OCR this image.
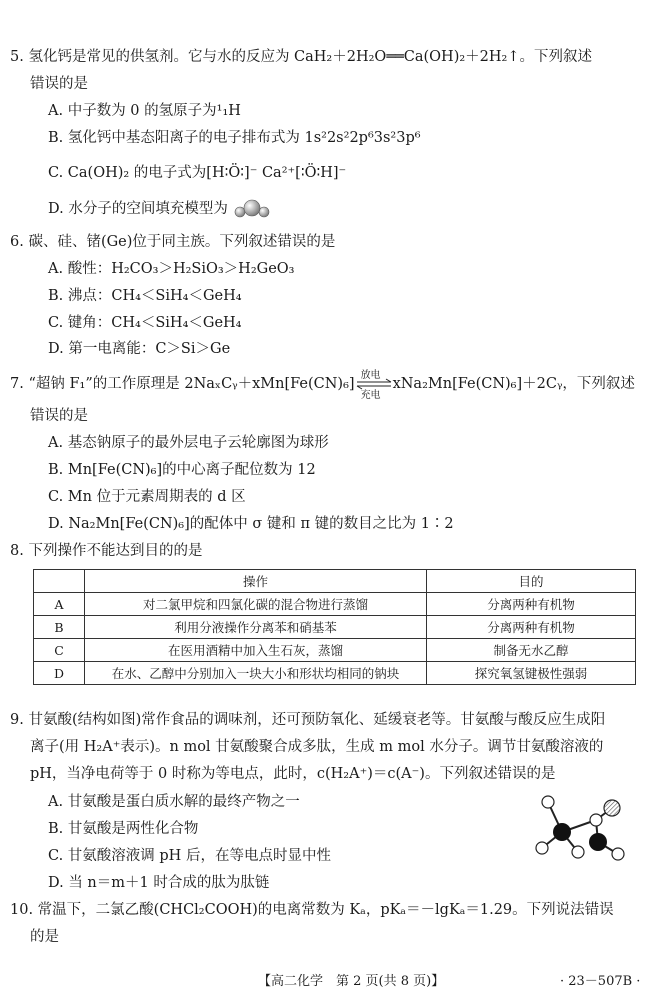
5. 氢化钙是常见的供氢剂。它与水的反应为 CaH₂＋2H₂O══Ca(OH)₂＋2H₂↑。下列叙述
错误的是
A. 中子数为 0 的氢原子为¹₁H
B. 氢化钙中基态阳离子的电子排布式为 1s²2s²2p⁶3s²3p⁶
C. Ca(OH)₂ 的电子式为[H∶Ö∶]⁻ Ca²⁺[∶Ö∶H]⁻
D. 水分子的空间填充模型为
6. 碳、硅、锗(Ge)位于同主族。下列叙述错误的是
A. 酸性：H₂CO₃＞H₂SiO₃＞H₂GeO₃
B. 沸点：CH₄＜SiH₄＜GeH₄
C. 键角：CH₄＜SiH₄＜GeH₄
D. 第一电离能：C＞Si＞Ge
7. “超钠 F₁”的工作原理是 2NaₓCᵧ＋xMn[Fe(CN)₆]
放电
充电
xNa₂Mn[Fe(CN)₆]＋2Cᵧ，下列叙述
错误的是
A. 基态钠原子的最外层电子云轮廓图为球形
B. Mn[Fe(CN)₆]的中心离子配位数为 12
C. Mn 位于元素周期表的 d 区
D. Na₂Mn[Fe(CN)₆]的配体中 σ 键和 π 键的数目之比为 1∶2
8. 下列操作不能达到目的的是
	操作	目的
A	对二氯甲烷和四氯化碳的混合物进行蒸馏	分离两种有机物
B	利用分液操作分离苯和硝基苯	分离两种有机物
C	在医用酒精中加入生石灰，蒸馏	制备无水乙醇
D	在水、乙醇中分别加入一块大小和形状均相同的钠块	探究氧氢键极性强弱
9. 甘氨酸(结构如图)常作食品的调味剂，还可预防氧化、延缓衰老等。甘氨酸与酸反应生成阳
离子(用 H₂A⁺表示)。n mol 甘氨酸聚合成多肽，生成 m mol 水分子。调节甘氨酸溶液的
pH，当净电荷等于 0 时称为等电点，此时，c(H₂A⁺)＝c(A⁻)。下列叙述错误的是
A. 甘氨酸是蛋白质水解的最终产物之一
B. 甘氨酸是两性化合物
C. 甘氨酸溶液调 pH 后，在等电点时显中性
D. 当 n＝m＋1 时合成的肽为肽链
10. 常温下，二氯乙酸(CHCl₂COOH)的电离常数为 Kₐ，pKₐ＝－lgKₐ＝1.29。下列说法错误
的是
【高二化学　第 2 页(共 8 页)】	· 23－507B ·
